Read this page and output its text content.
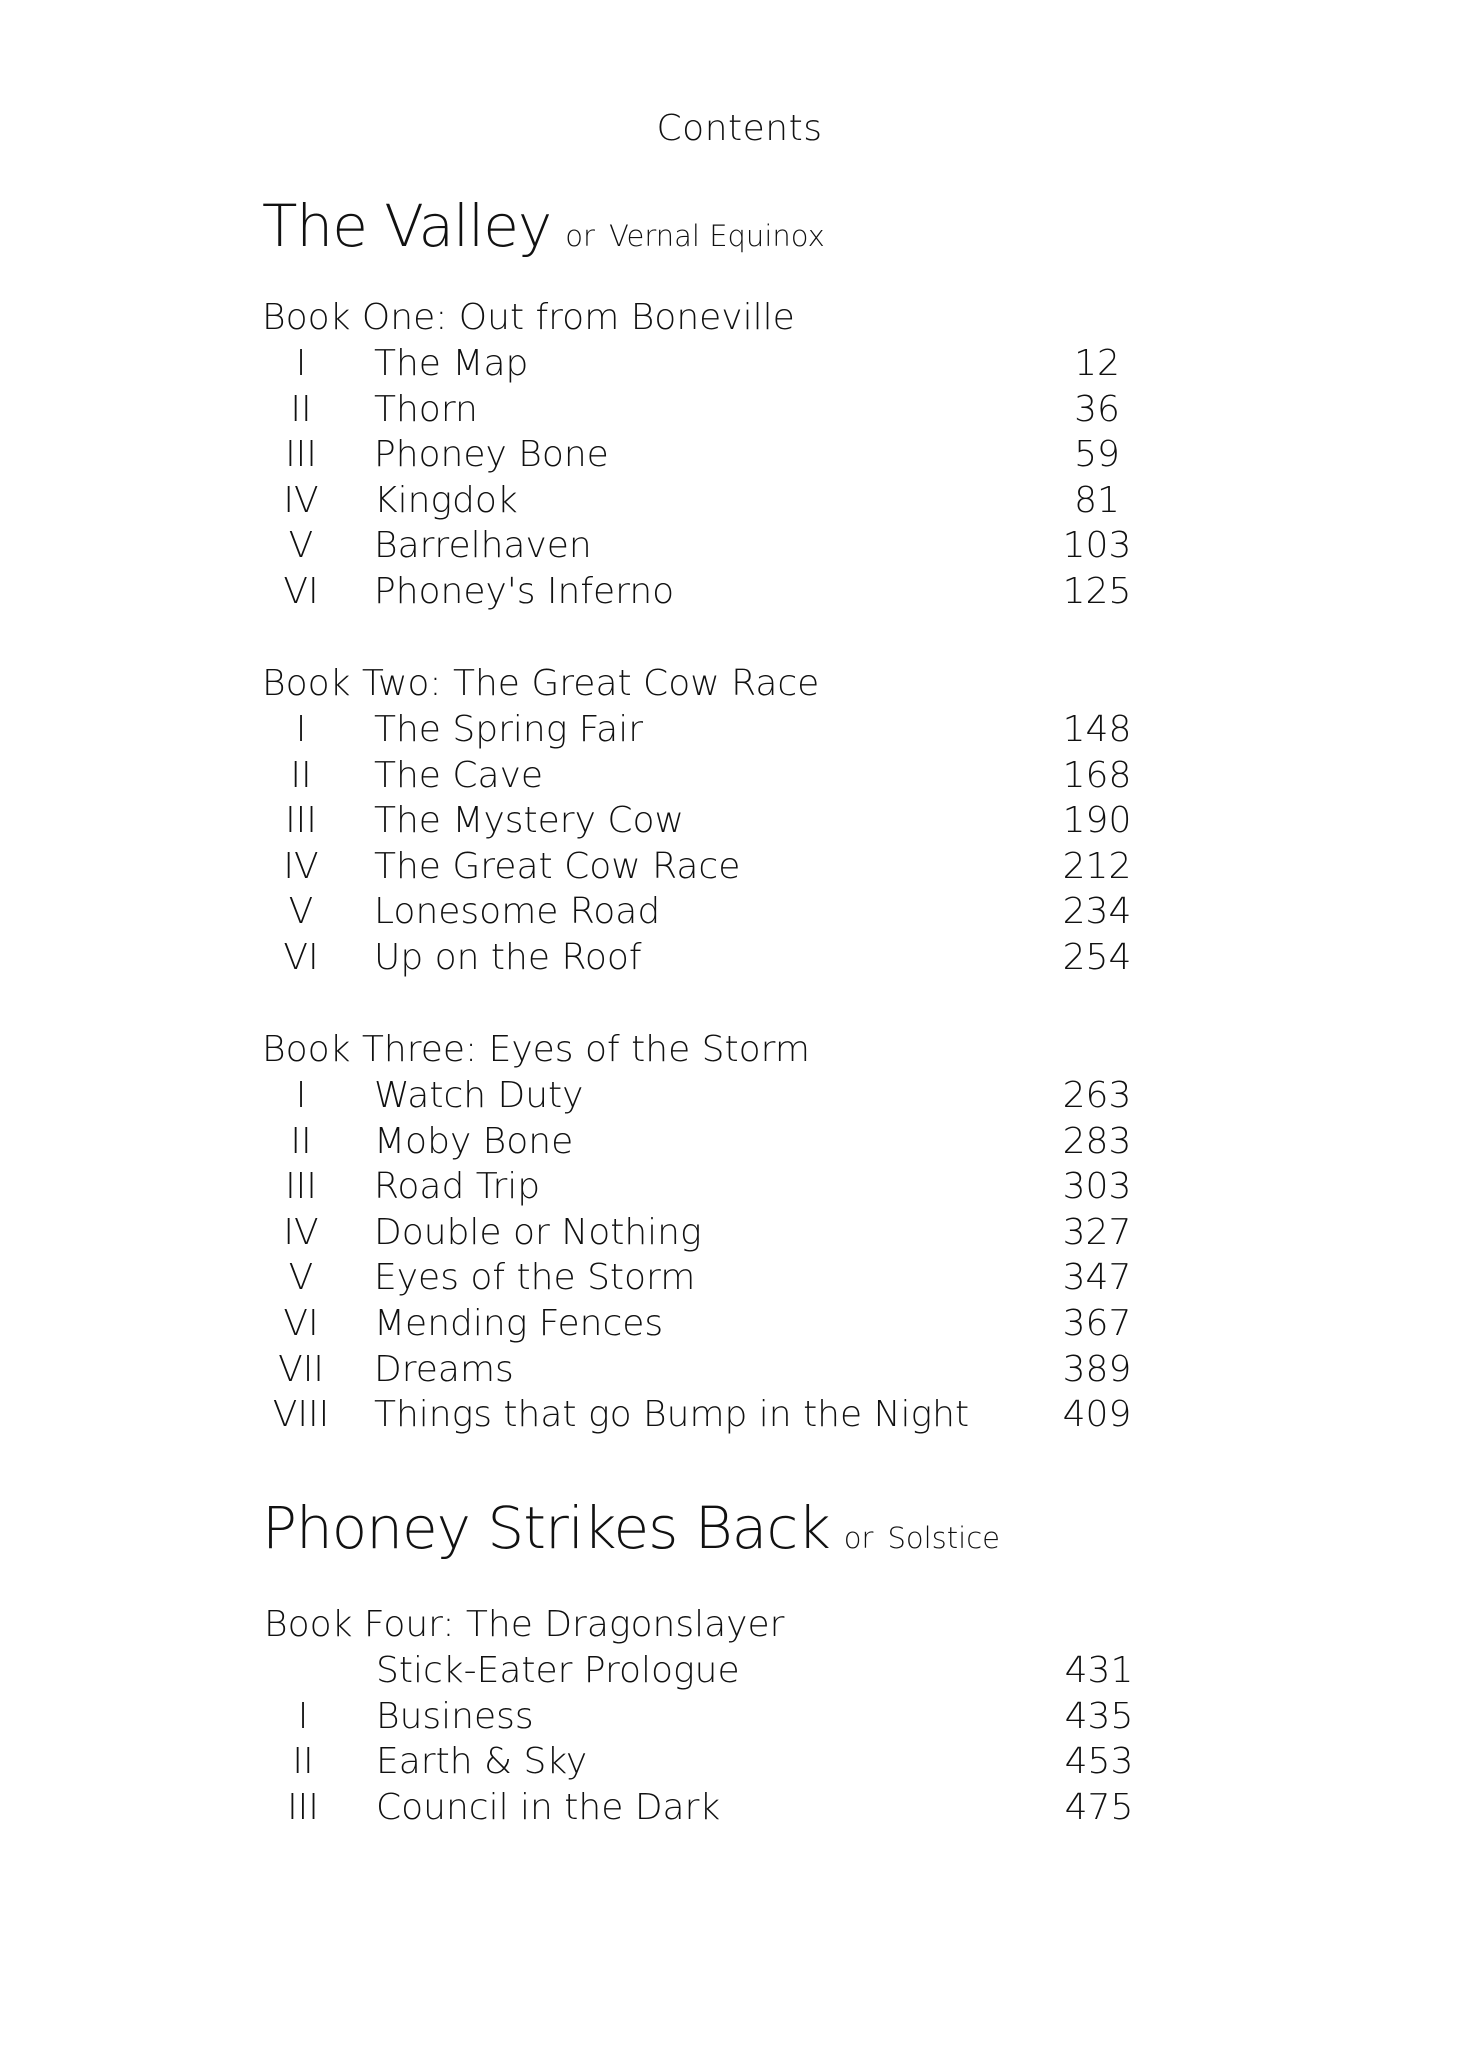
Contents
The Valley or Vernal Equinox
Book One: Out from Boneville
I	The Map	12
II	Thorn	36
III	Phoney Bone	59
IV	Kingdok	81
V	Barrelhaven	103
VI	Phoney's Inferno	125
Book Two: The Great Cow Race
I	The Spring Fair	148
II	The Cave	168
III	The Mystery Cow	190
IV	The Great Cow Race	212
V	Lonesome Road	234
VI	Up on the Roof	254
Book Three: Eyes of the Storm
I	Watch Duty	263
II	Moby Bone	283
III	Road Trip	303
IV	Double or Nothing	327
V	Eyes of the Storm	347
VI	Mending Fences	367
VII	Dreams	389
VIII Things that go Bump in the Night	409
Phoney Strikes Back or Solstice
Book Four: The Dragonslayer
Stick-Eater Prologue	431
I	Business	435
II	Earth & Sky	453
III	Council in the Dark	475
